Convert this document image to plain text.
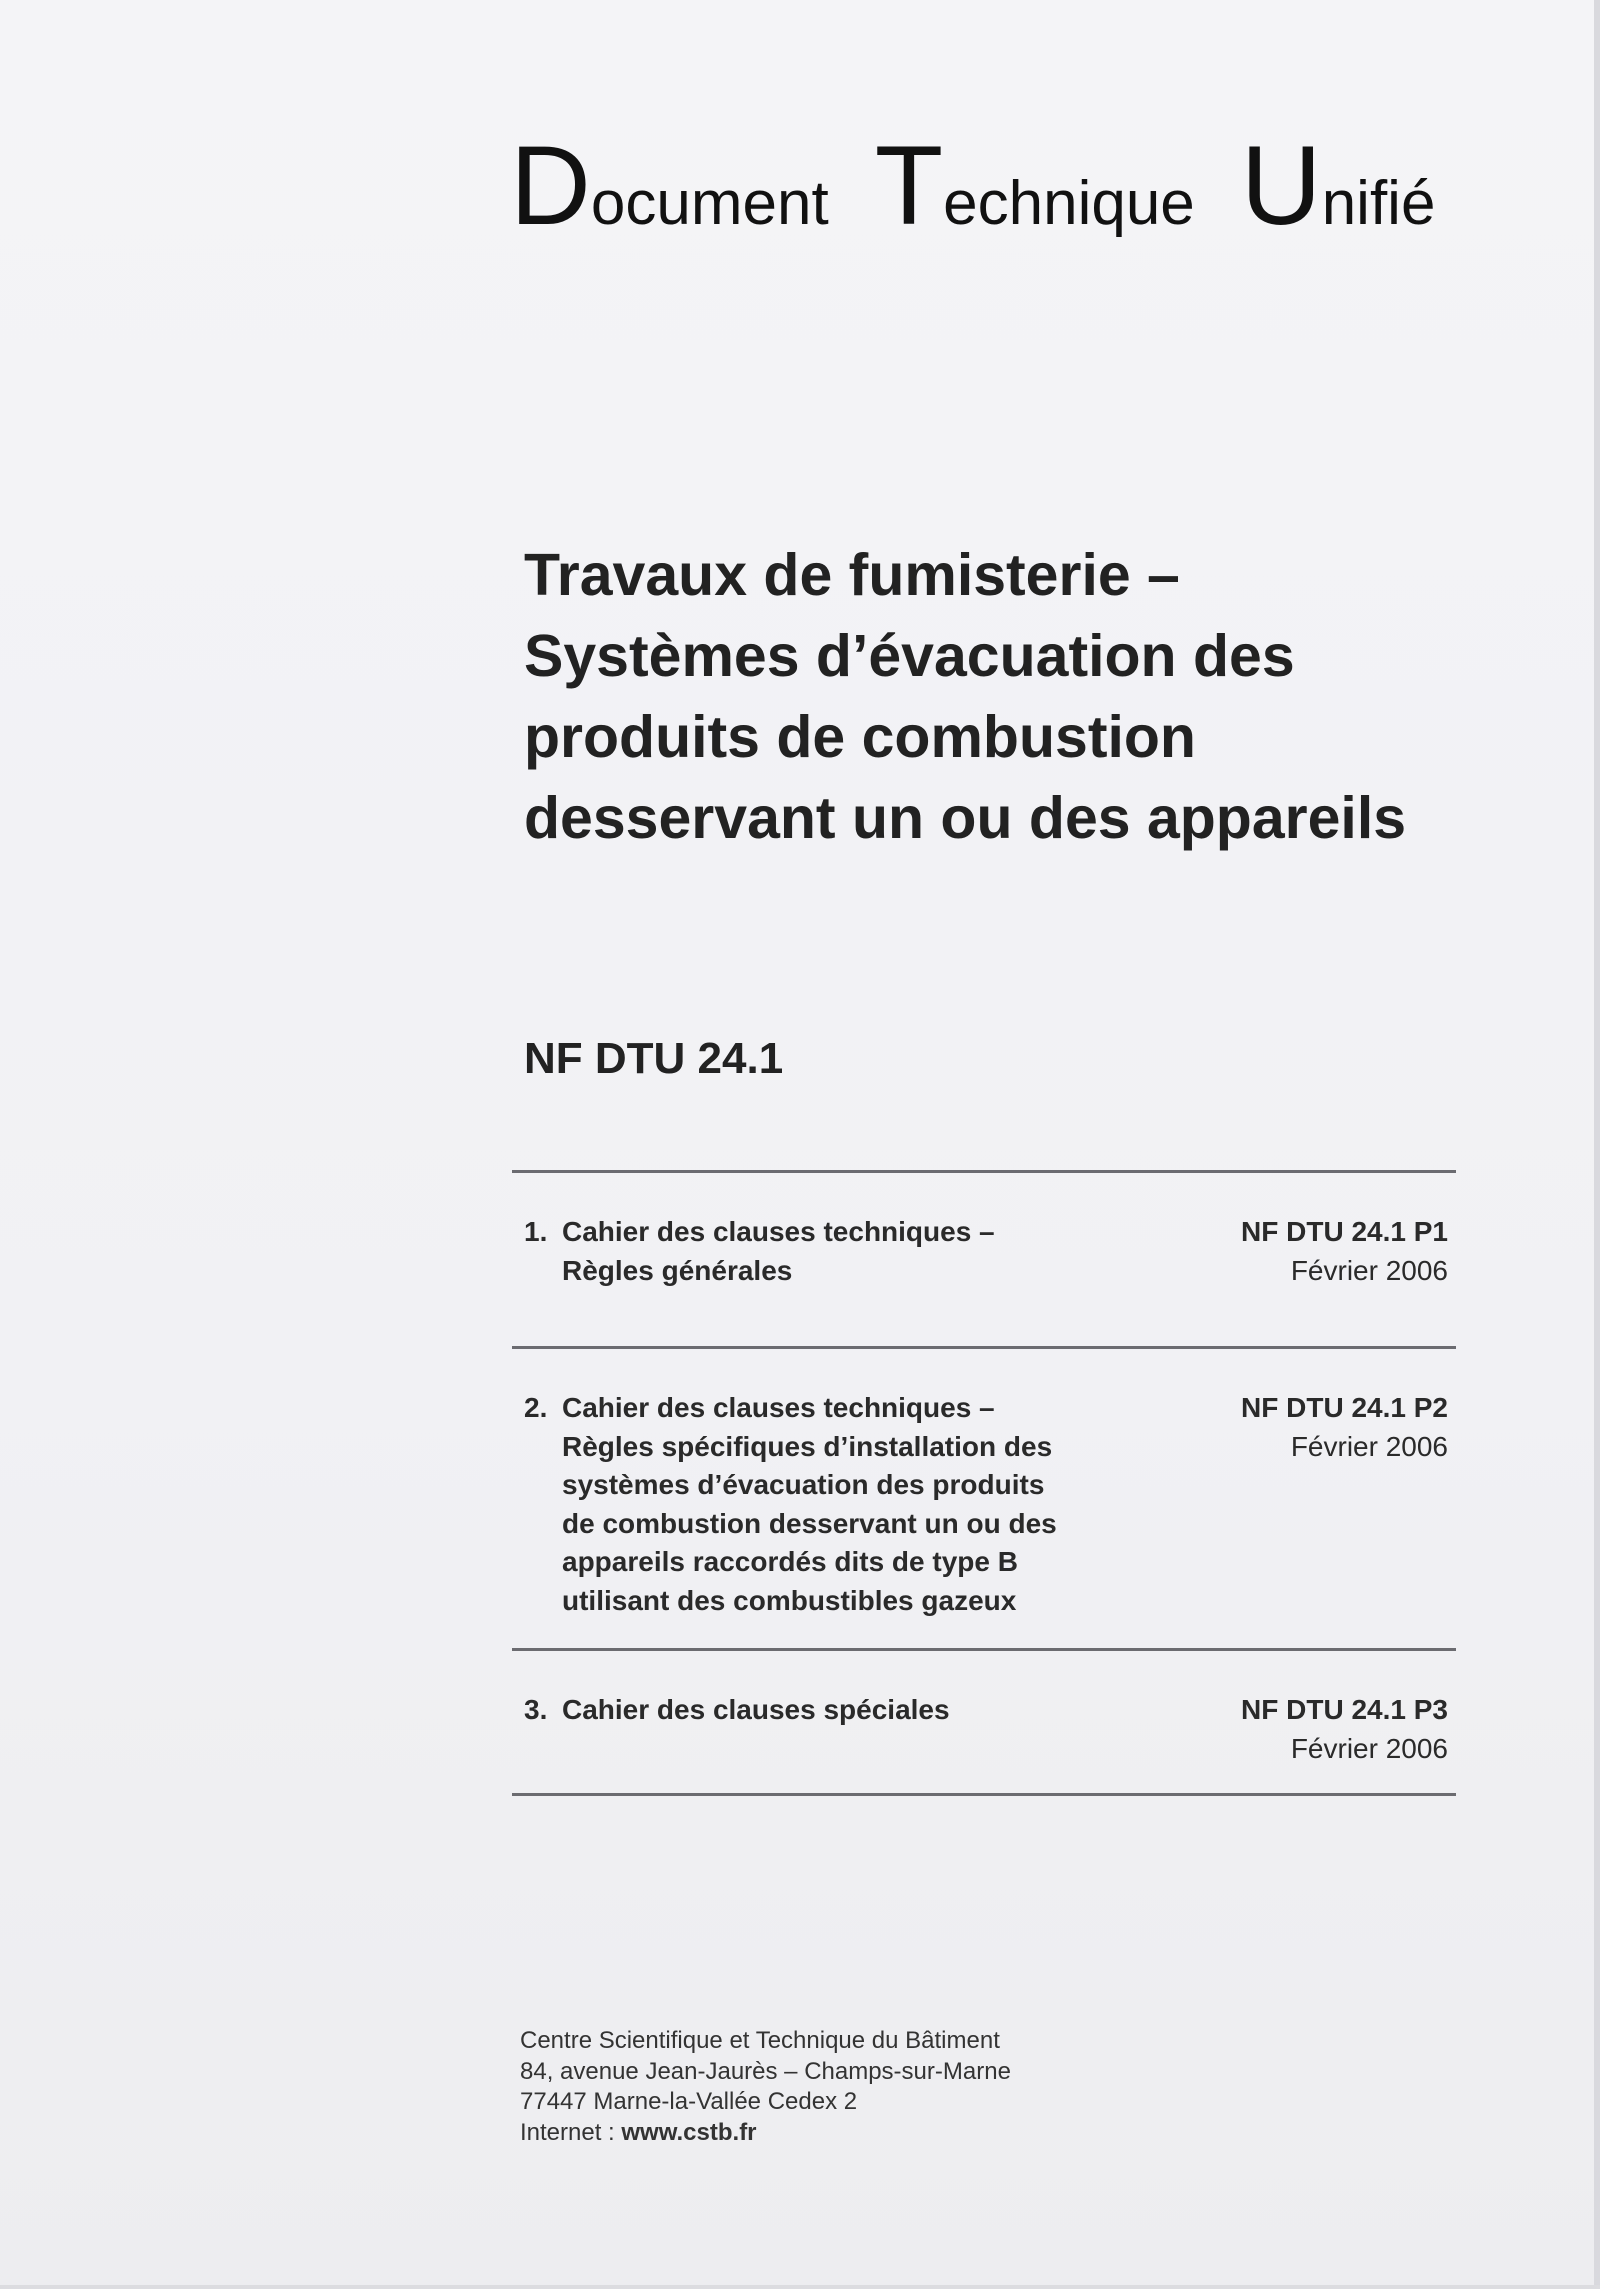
Document Technique Unifié
Travaux de fumisterie –
Systèmes d’évacuation des
produits de combustion
desservant un ou des appareils
NF DTU 24.1
1. Cahier des clauses techniques –
Règles générales
NF DTU 24.1 P1
Février 2006
2. Cahier des clauses techniques –
Règles spécifiques d’installation des
systèmes d’évacuation des produits
de combustion desservant un ou des
appareils raccordés dits de type B
utilisant des combustibles gazeux
NF DTU 24.1 P2
Février 2006
3. Cahier des clauses spéciales	NF DTU 24.1 P3
Février 2006
Centre Scientifique et Technique du Bâtiment
84, avenue Jean-Jaurès – Champs-sur-Marne
77447 Marne-la-Vallée Cedex 2
Internet : www.cstb.fr
